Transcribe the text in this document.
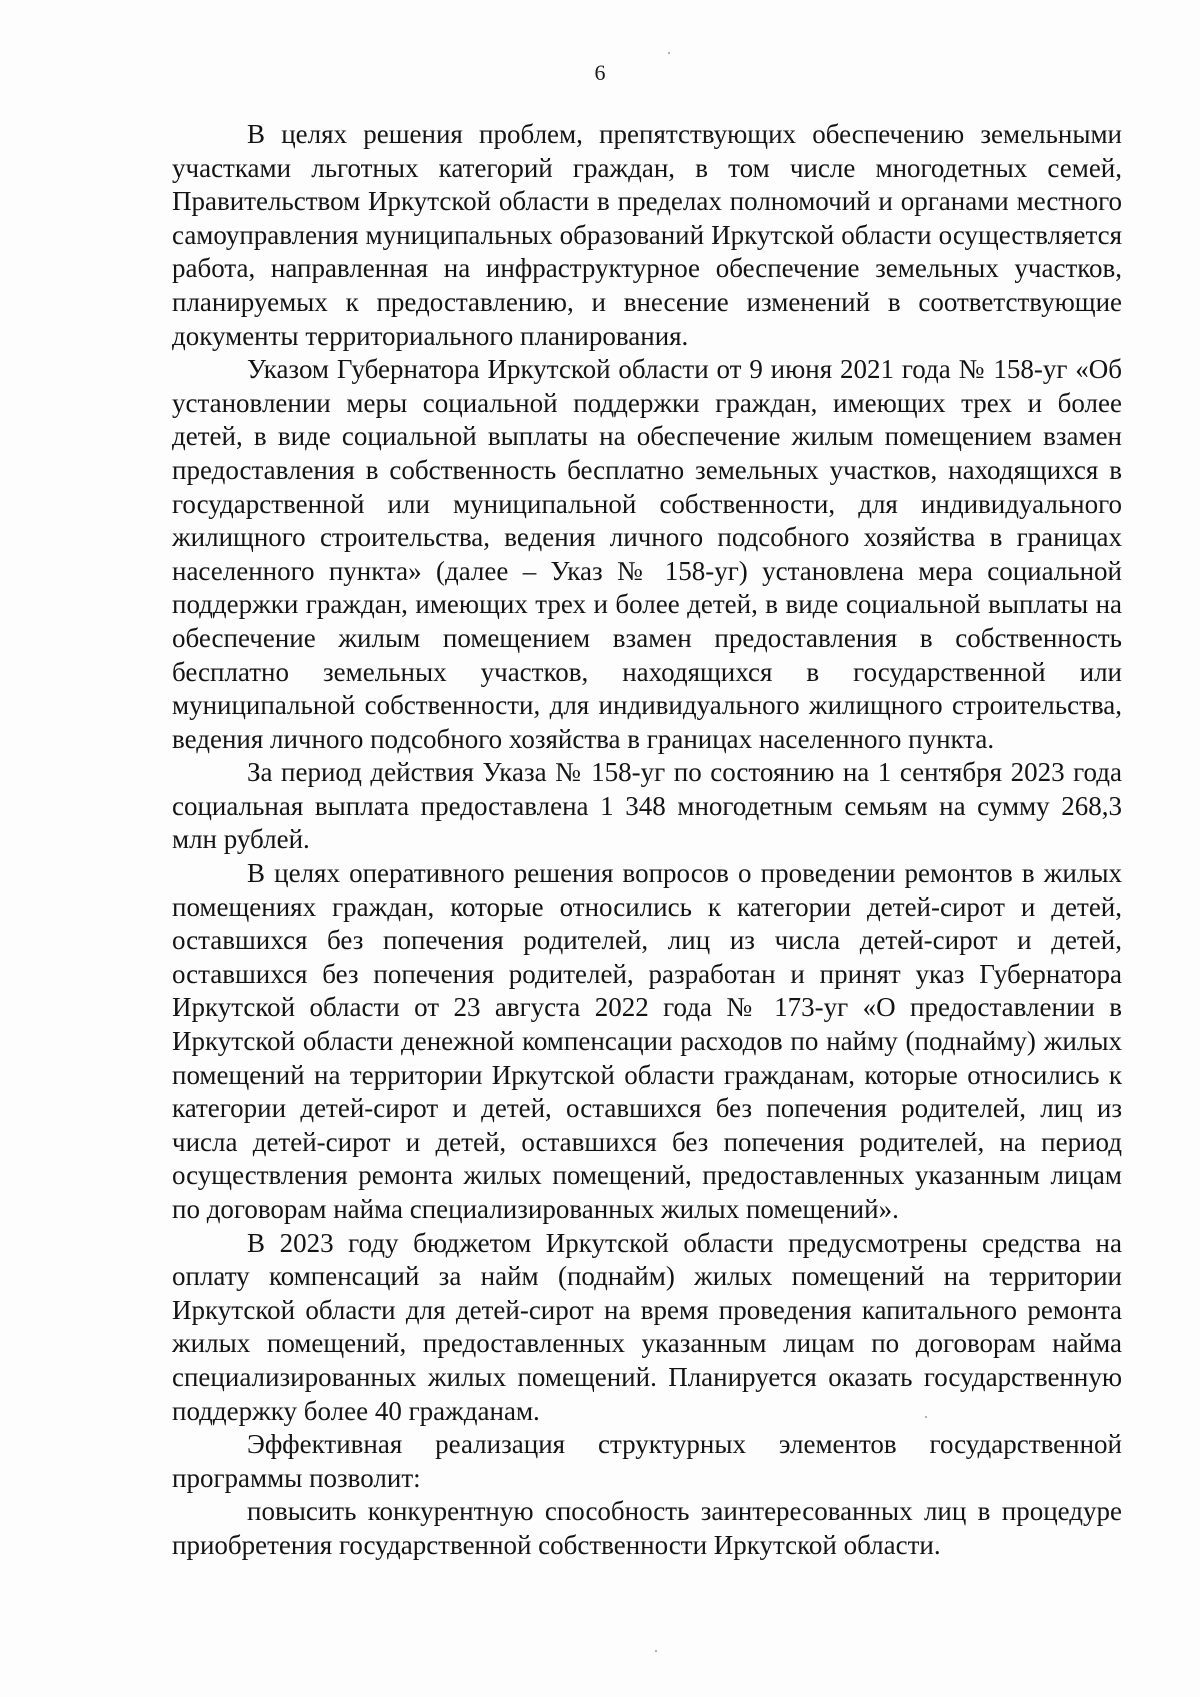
6

В целях решения проблем, препятствующих обеспечению земельными участками льготных категорий граждан, в том числе многодетных семей, Правительством Иркутской области в пределах полномочий и органами местного самоуправления муниципальных образований Иркутской области осуществляется работа, направленная на инфраструктурное обеспечение земельных участков, планируемых к предоставлению, и внесение изменений в соответствующие документы территориального планирования.

Указом Губернатора Иркутской области от 9 июня 2021 года № 158-уг «Об установлении меры социальной поддержки граждан, имеющих трех и более детей, в виде социальной выплаты на обеспечение жилым помещением взамен предоставления в собственность бесплатно земельных участков, находящихся в государственной или муниципальной собственности, для индивидуального жилищного строительства, ведения личного подсобного хозяйства в границах населенного пункта» (далее – Указ № 158-уг) установлена мера социальной поддержки граждан, имеющих трех и более детей, в виде социальной выплаты на обеспечение жилым помещением взамен предоставления в собственность бесплатно земельных участков, находящихся в государственной или муниципальной собственности, для индивидуального жилищного строительства, ведения личного подсобного хозяйства в границах населенного пункта.

За период действия Указа № 158-уг по состоянию на 1 сентября 2023 года социальная выплата предоставлена 1 348 многодетным семьям на сумму 268,3 млн рублей.

В целях оперативного решения вопросов о проведении ремонтов в жилых помещениях граждан, которые относились к категории детей-сирот и детей, оставшихся без попечения родителей, лиц из числа детей-сирот и детей, оставшихся без попечения родителей, разработан и принят указ Губернатора Иркутской области от 23 августа 2022 года № 173-уг «О предоставлении в Иркутской области денежной компенсации расходов по найму (поднайму) жилых помещений на территории Иркутской области гражданам, которые относились к категории детей-сирот и детей, оставшихся без попечения родителей, лиц из числа детей-сирот и детей, оставшихся без попечения родителей, на период осуществления ремонта жилых помещений, предоставленных указанным лицам по договорам найма специализированных жилых помещений».

В 2023 году бюджетом Иркутской области предусмотрены средства на оплату компенсаций за найм (поднайм) жилых помещений на территории Иркутской области для детей-сирот на время проведения капитального ремонта жилых помещений, предоставленных указанным лицам по договорам найма специализированных жилых помещений. Планируется оказать государственную поддержку более 40 гражданам.

Эффективная реализация структурных элементов государственной программы позволит:

повысить конкурентную способность заинтересованных лиц в процедуре приобретения государственной собственности Иркутской области.
